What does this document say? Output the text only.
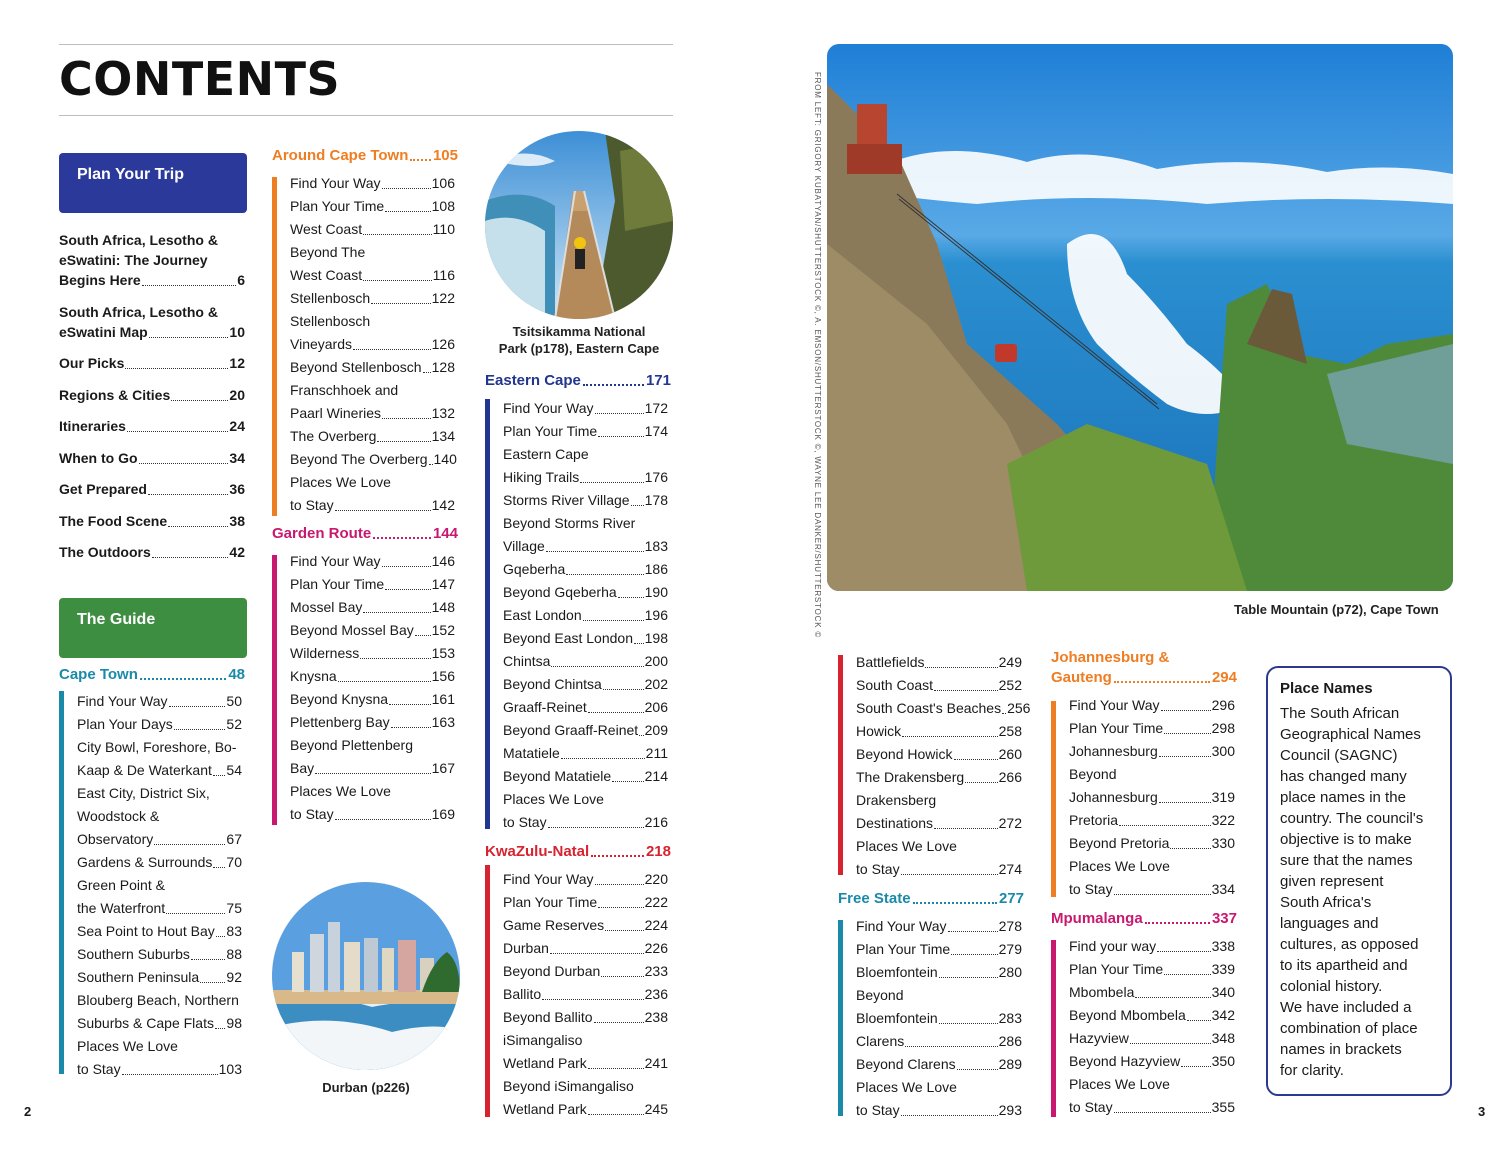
CONTENTS
Plan Your Trip
South Africa, Lesotho &
eSwatini: The Journey
Begins Here	6
South Africa, Lesotho &
eSwatini Map	10
Our Picks	12
Regions & Cities	20
Itineraries	24
When to Go	34
Get Prepared	36
The Food Scene	38
The Outdoors	42
The Guide
Cape Town	48
Find Your Way	50
Plan Your Days	52
City Bowl, Foreshore, Bo-
Kaap & De Waterkant 54
East City, District Six,
Woodstock &
Observatory	67
Gardens & Surrounds 70
Green Point &
the Waterfront	75
Sea Point to Hout Bay 83
Southern Suburbs	88
Southern Peninsula 92
Blouberg Beach, Northern
Suburbs & Cape Flats 98
Places We Love
to Stay	103
Around Cape Town 105
Find Your Way	106
Plan Your Time	108
West Coast	110
Beyond The
West Coast	116
Stellenbosch	122
Stellenbosch
Vineyards	126
Beyond Stellenbosch 128
Franschhoek and
Paarl Wineries	132
The Overberg	134
Beyond The Overberg 140
Places We Love
to Stay	142
Garden Route	144
Find Your Way	146
Plan Your Time	147
Mossel Bay	148
Beyond Mossel Bay 152
Wilderness	153
Knysna	156
Beyond Knysna	161
Plettenberg Bay	163
Beyond Plettenberg
Bay	167
Places We Love
to Stay	169
Eastern Cape	171
Find Your Way	172
Plan Your Time	174
Eastern Cape
Hiking Trails	176
Storms River Village 178
Beyond Storms River
Village	183
Gqeberha	186
Beyond Gqeberha 190
East London	196
Beyond East London 198
Chintsa	200
Beyond Chintsa	202
Graaff-Reinet	206
Beyond Graaff-Reinet 209
Matatiele	211
Beyond Matatiele 214
Places We Love
to Stay	216
KwaZulu-Natal	218
Find Your Way	220
Plan Your Time	222
Game Reserves	224
Durban	226
Beyond Durban	233
Ballito	236
Beyond Ballito	238
iSimangaliso
Wetland Park	241
Beyond iSimangaliso
Wetland Park	245
Battlefields	249
South Coast	252
South Coast's Beaches 256
Howick	258
Beyond Howick	260
The Drakensberg 266
Drakensberg
Destinations	272
Places We Love
to Stay	274
Free State	277
Find Your Way	278
Plan Your Time	279
Bloemfontein	280
Beyond
Bloemfontein	283
Clarens	286
Beyond Clarens	289
Places We Love
to Stay	293
Johannesburg &
Gauteng	294
Find Your Way	296
Plan Your Time	298
Johannesburg	300
Beyond
Johannesburg	319
Pretoria	322
Beyond Pretoria	330
Places We Love
to Stay	334
Mpumalanga	337
Find your way	338
Plan Your Time	339
Mbombela	340
Beyond Mbombela 342
Hazyview	348
Beyond Hazyview 350
Places We Love
to Stay	355
Tsitsikamma National
Park (p178), Eastern Cape
Durban (p226)
2
FROM LEFT: GRIGORY KUBATYAN/SHUTTERSTOCK ©, A. EMSON/SHUTTERSTOCK ©, WAYNE LEE DANKER/SHUTTERSTOCK ©	Table Mountain (p72), Cape Town
Place Names
The South African
Geographical Names
Council (SAGNC)
has changed many
place names in the
country. The council's
objective is to make
sure that the names
given represent
South Africa's
languages and
cultures, as opposed
to its apartheid and
colonial history.
We have included a
combination of place
names in brackets
for clarity.
3
